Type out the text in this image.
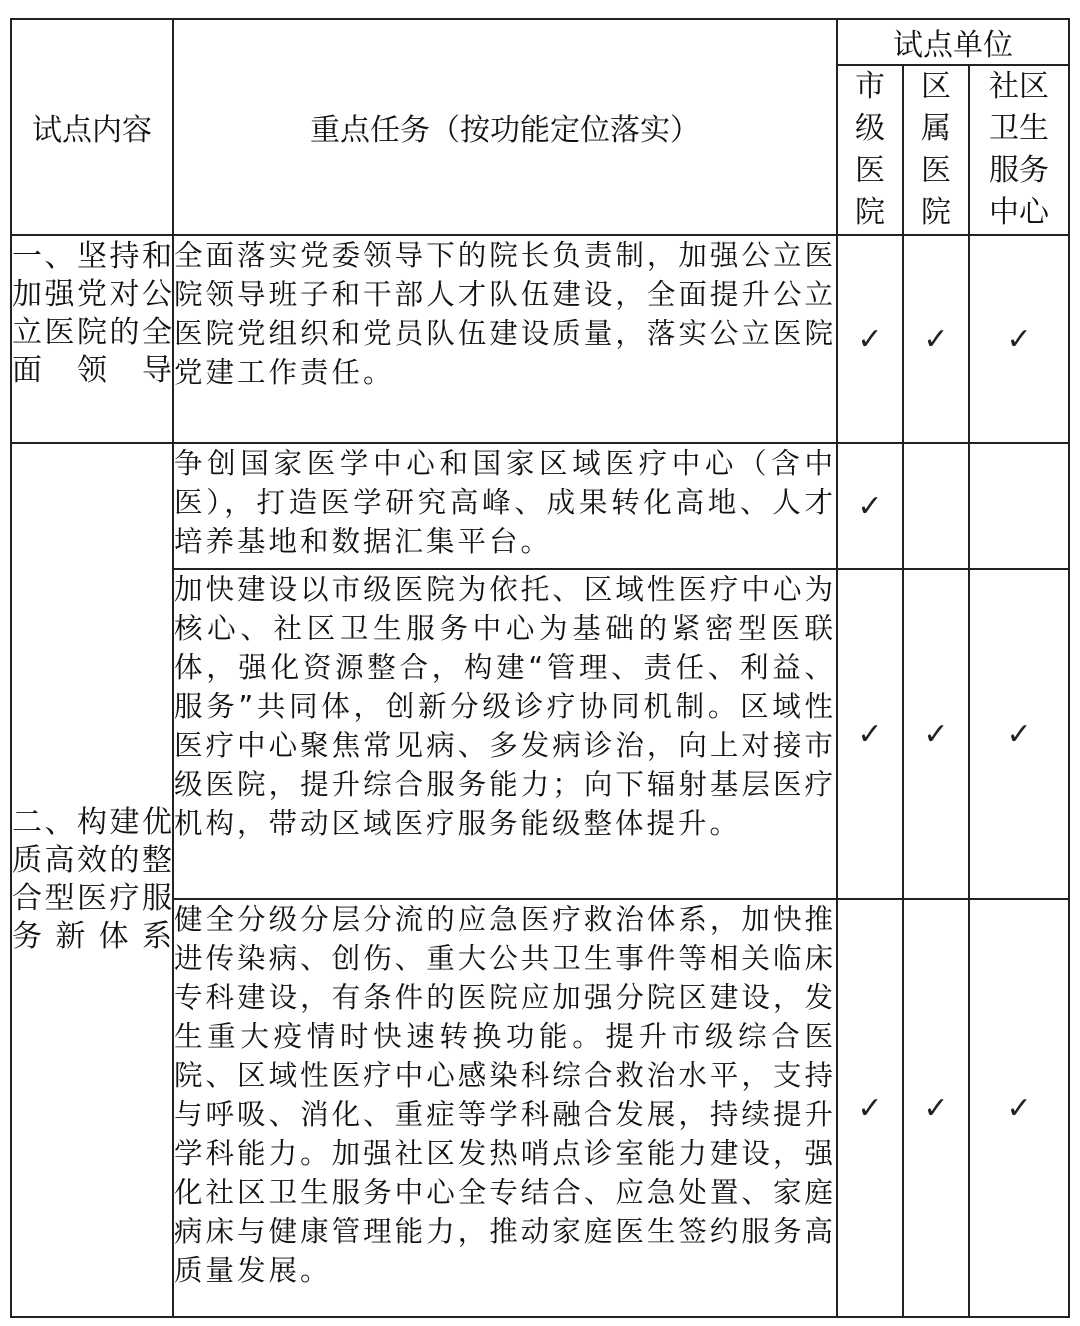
试点内容	重点任务（按功能定位落实）	试点单位		
		市级医院	区属医院	社区卫生服务中心
一、坚持和加强党对公立医院的全面领导	全面落实党委领导下的院长负责制，加强公立医院领导班子和干部人才队伍建设，全面提升公立医院党组织和党员队伍建设质量，落实公立医院党建工作责任。	✓	✓	✓
二、构建优质高效的整合型医疗服务新体系	争创国家医学中心和国家区域医疗中心（含中医），打造医学研究高峰、成果转化高地、人才培养基地和数据汇集平台。	✓		
	加快建设以市级医院为依托、区域性医疗中心为核心、社区卫生服务中心为基础的紧密型医联体，强化资源整合，构建“管理、责任、利益、服务”共同体，创新分级诊疗协同机制。区域性医疗中心聚焦常见病、多发病诊治，向上对接市级医院，提升综合服务能力；向下辐射基层医疗机构，带动区域医疗服务能级整体提升。	✓	✓	✓
	健全分级分层分流的应急医疗救治体系，加快推进传染病、创伤、重大公共卫生事件等相关临床专科建设，有条件的医院应加强分院区建设，发生重大疫情时快速转换功能。提升市级综合医院、区域性医疗中心感染科综合救治水平，支持与呼吸、消化、重症等学科融合发展，持续提升学科能力。加强社区发热哨点诊室能力建设，强化社区卫生服务中心全专结合、应急处置、家庭病床与健康管理能力，推动家庭医生签约服务高质量发展。	✓	✓	✓
